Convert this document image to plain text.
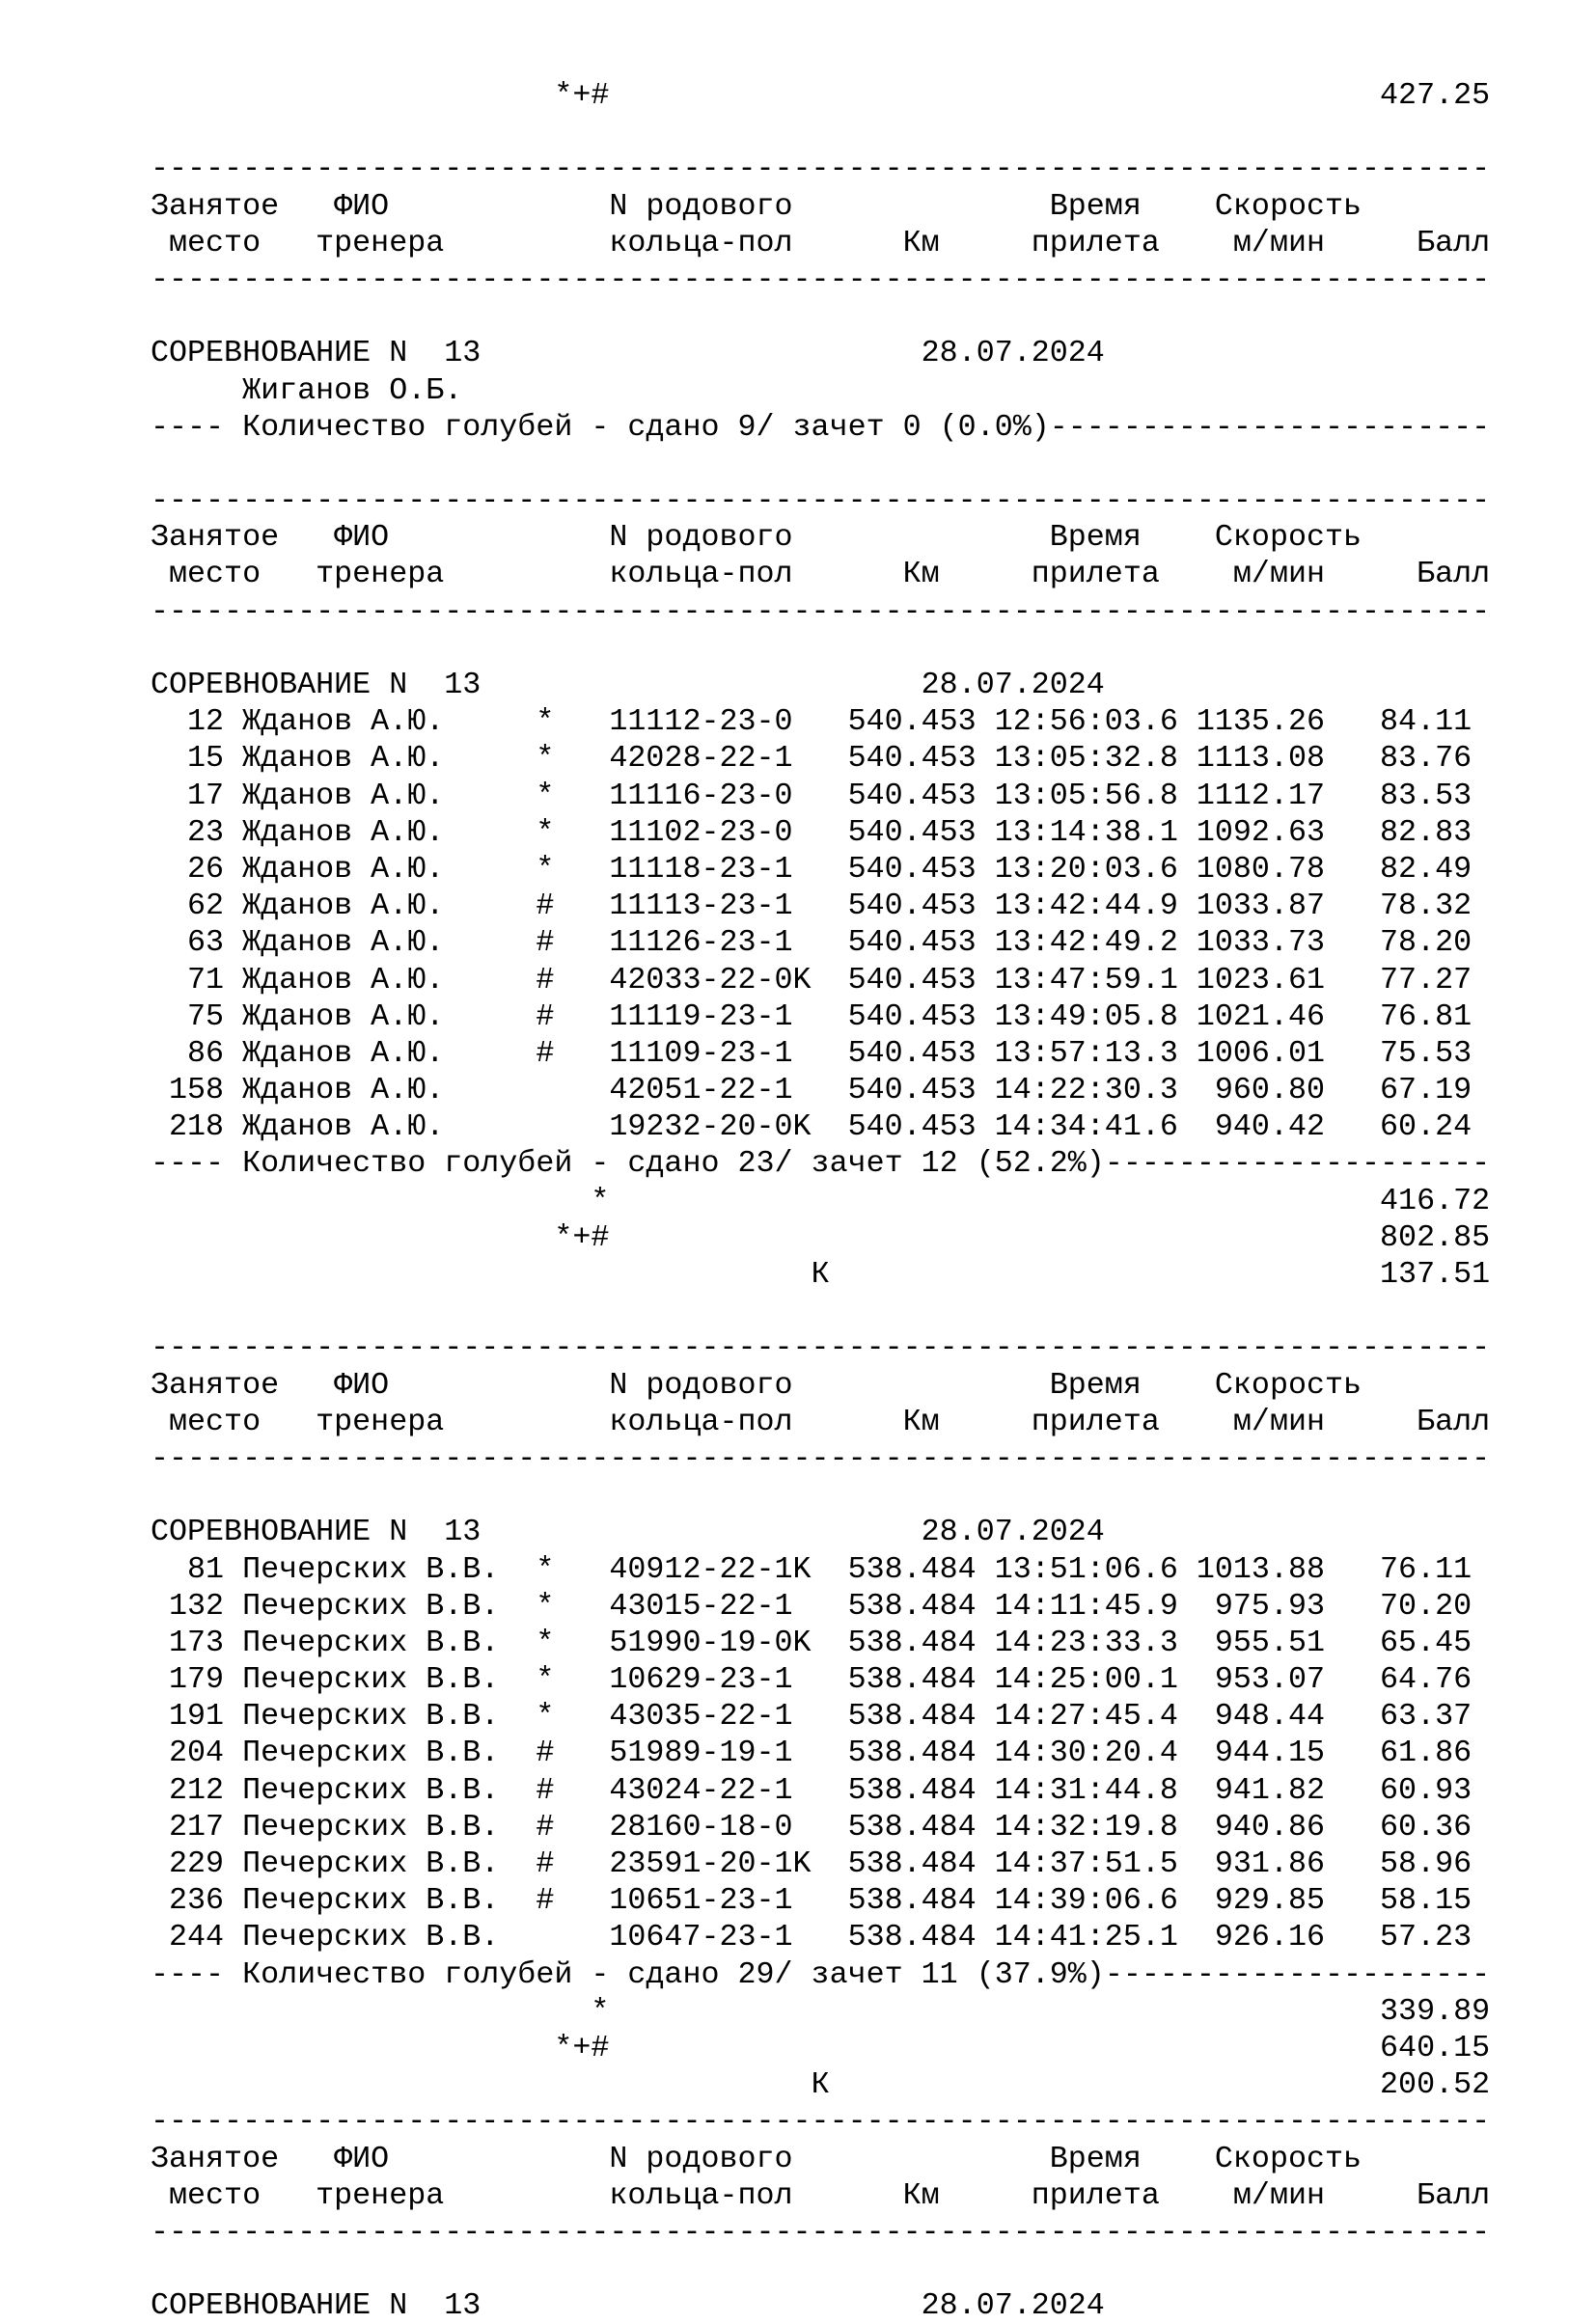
*+#	427.25
-------------------------------------------------------------------------
Занятое ФИО	N родового	Время Скорость
место тренера	кольца-пол	Км	прилета м/мин	Балл
-------------------------------------------------------------------------
СОРЕВНОВАНИЕ N  13	28.07.2024
Жиганов О.Б.
---- Количество голубей - сдано 9/ зачет 0 (0.0%)------------------------
-------------------------------------------------------------------------
Занятое ФИО	N родового	Время Скорость
место тренера	кольца-пол	Км	прилета м/мин	Балл
-------------------------------------------------------------------------
СОРЕВНОВАНИЕ N  13	28.07.2024
12 Жданов А.Ю.	* 11112-23-0 540.453 12:56:03.6 1135.26 84.11
15 Жданов А.Ю.	* 42028-22-1 540.453 13:05:32.8 1113.08 83.76
17 Жданов А.Ю.	* 11116-23-0 540.453 13:05:56.8 1112.17 83.53
23 Жданов А.Ю.	* 11102-23-0 540.453 13:14:38.1 1092.63 82.83
26 Жданов А.Ю.	* 11118-23-1 540.453 13:20:03.6 1080.78 82.49
62 Жданов А.Ю.	# 11113-23-1 540.453 13:42:44.9 1033.87 78.32
63 Жданов А.Ю.	# 11126-23-1 540.453 13:42:49.2 1033.73 78.20
71 Жданов А.Ю.	# 42033-22-0K 540.453 13:47:59.1 1023.61 77.27
75 Жданов А.Ю.	# 11119-23-1 540.453 13:49:05.8 1021.46 76.81
86 Жданов А.Ю.	# 11109-23-1 540.453 13:57:13.3 1006.01 75.53
158 Жданов А.Ю.	42051-22-1 540.453 14:22:30.3 960.80 67.19
218 Жданов А.Ю.	19232-20-0K 540.453 14:34:41.6 940.42 60.24
---- Количество голубей - сдано 23/ зачет 12 (52.2%)---------------------
*	416.72
*+#	802.85
К	137.51
-------------------------------------------------------------------------
Занятое ФИО	N родового	Время Скорость
место тренера	кольца-пол	Км	прилета м/мин	Балл
-------------------------------------------------------------------------
СОРЕВНОВАНИЕ N  13	28.07.2024
81 Печерских В.В. * 40912-22-1K 538.484 13:51:06.6 1013.88 76.11
132 Печерских В.В. * 43015-22-1 538.484 14:11:45.9 975.93 70.20
173 Печерских В.В. * 51990-19-0K 538.484 14:23:33.3 955.51 65.45
179 Печерских В.В. * 10629-23-1 538.484 14:25:00.1 953.07 64.76
191 Печерских В.В. * 43035-22-1 538.484 14:27:45.4 948.44 63.37
204 Печерских В.В. # 51989-19-1 538.484 14:30:20.4 944.15 61.86
212 Печерских В.В. # 43024-22-1 538.484 14:31:44.8 941.82 60.93
217 Печерских В.В. # 28160-18-0 538.484 14:32:19.8 940.86 60.36
229 Печерских В.В. # 23591-20-1K 538.484 14:37:51.5 931.86 58.96
236 Печерских В.В. # 10651-23-1 538.484 14:39:06.6 929.85 58.15
244 Печерских В.В.	10647-23-1 538.484 14:41:25.1 926.16 57.23
---- Количество голубей - сдано 29/ зачет 11 (37.9%)---------------------
*	339.89
*+#	640.15
К	200.52
-------------------------------------------------------------------------
Занятое ФИО	N родового	Время Скорость
место тренера	кольца-пол	Км	прилета м/мин	Балл
-------------------------------------------------------------------------
СОРЕВНОВАНИЕ N  13	28.07.2024
